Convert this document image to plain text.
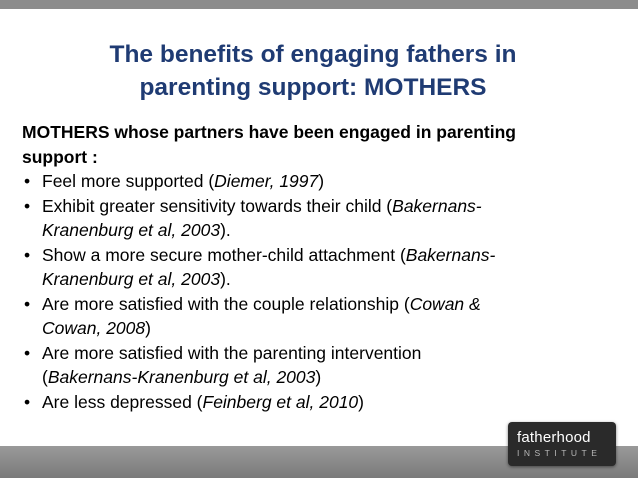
The benefits of engaging fathers in
parenting support: MOTHERS
MOTHERS whose partners have been engaged in parenting
support :
• Feel more supported (Diemer, 1997)
• Exhibit greater sensitivity towards their child (Bakernans-
Kranenburg et al, 2003).
• Show a more secure mother-child attachment (Bakernans-
Kranenburg et al, 2003).
• Are more satisfied with the couple relationship (Cowan &
Cowan, 2008)
• Are more satisfied with the parenting intervention
(Bakernans-Kranenburg et al, 2003)
• Are less depressed (Feinberg et al, 2010)
fatherhood
INSTITUTE
